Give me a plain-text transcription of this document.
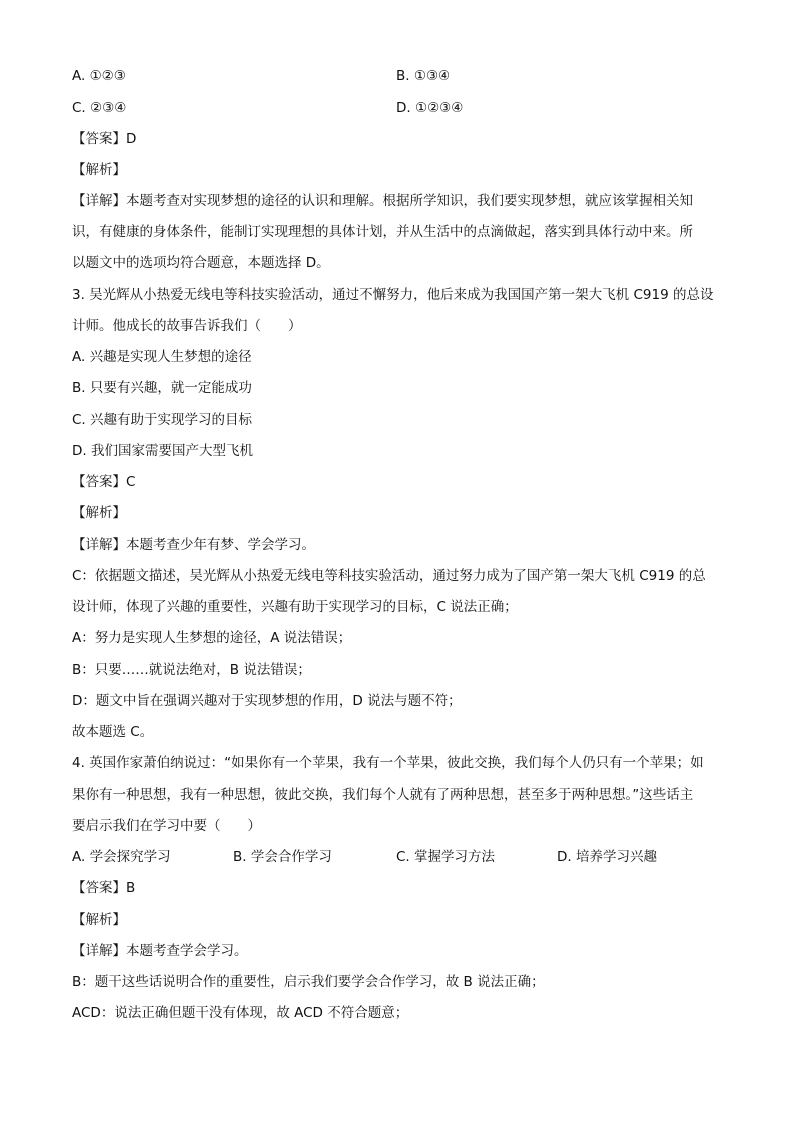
A. ①②③	B. ①③④
C. ②③④	D. ①②③④
【答案】D
【解析】
【详解】本题考查对实现梦想的途径的认识和理解。根据所学知识，我们要实现梦想，就应该掌握相关知
识，有健康的身体条件，能制订实现理想的具体计划，并从生活中的点滴做起，落实到具体行动中来。所
以题文中的选项均符合题意，本题选择 D。
3. 吴光辉从小热爱无线电等科技实验活动，通过不懈努力，他后来成为我国国产第一架大飞机 C919 的总设
计师。他成长的故事告诉我们（　　）
A. 兴趣是实现人生梦想的途径
B. 只要有兴趣，就一定能成功
C. 兴趣有助于实现学习的目标
D. 我们国家需要国产大型飞机
【答案】C
【解析】
【详解】本题考查少年有梦、学会学习。
C：依据题文描述，吴光辉从小热爱无线电等科技实验活动，通过努力成为了国产第一架大飞机 C919 的总
设计师，体现了兴趣的重要性，兴趣有助于实现学习的目标，C 说法正确；
A：努力是实现人生梦想的途径，A 说法错误；
B：只要……就说法绝对，B 说法错误；
D：题文中旨在强调兴趣对于实现梦想的作用，D 说法与题不符；
故本题选 C。
4. 英国作家萧伯纳说过：“如果你有一个苹果，我有一个苹果，彼此交换，我们每个人仍只有一个苹果；如
果你有一种思想，我有一种思想，彼此交换，我们每个人就有了两种思想，甚至多于两种思想。”这些话主
要启示我们在学习中要（　　）
A. 学会探究学习	B. 学会合作学习	C. 掌握学习方法	D. 培养学习兴趣
【答案】B
【解析】
【详解】本题考查学会学习。
B：题干这些话说明合作的重要性，启示我们要学会合作学习，故 B 说法正确；
ACD：说法正确但题干没有体现，故 ACD 不符合题意；
